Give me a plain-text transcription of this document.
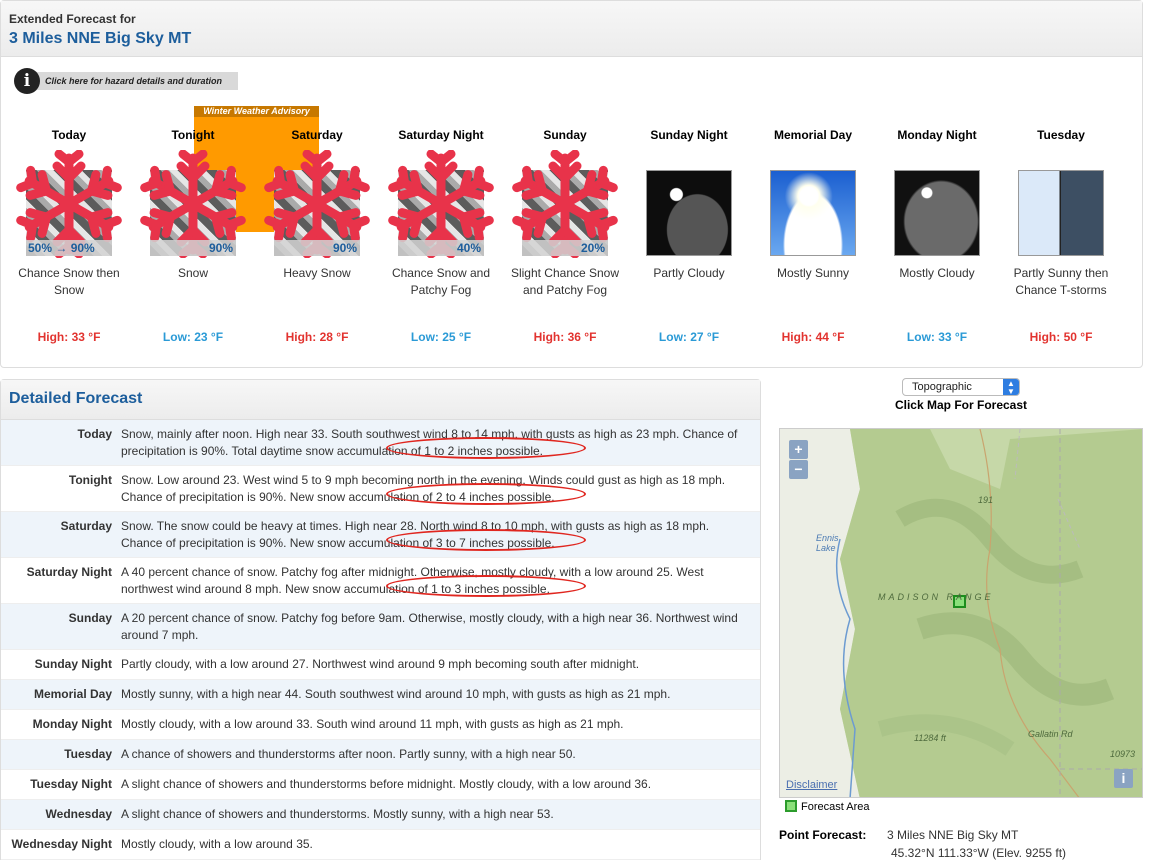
Extended Forecast for
3 Miles NNE Big Sky MT
Click here for hazard details and duration
i
Winter Weather Advisory
Today
50% → 90%
Chance Snow then Snow
High: 33 °F
Tonight
90%
Snow
Low: 23 °F
Saturday
90%
Heavy Snow
High: 28 °F
Saturday Night
40%
Chance Snow and Patchy Fog
Low: 25 °F
Sunday
20%
Slight Chance Snow and Patchy Fog
High: 36 °F
Sunday Night
Partly Cloudy
Low: 27 °F
Memorial Day
Mostly Sunny
High: 44 °F
Monday Night
Mostly Cloudy
Low: 33 °F
Tuesday
Partly Sunny then Chance T-storms
High: 50 °F
Detailed Forecast
Today Snow, mainly after noon. High near 33. South southwest wind 8 to 14 mph, with gusts as high as 23 mph. Chance of precipitation is 90%. Total daytime snow accumulation of 1 to 2 inches possible.
Tonight Snow. Low around 23. West wind 5 to 9 mph becoming north in the evening. Winds could gust as high as 18 mph. Chance of precipitation is 90%. New snow accumulation of 2 to 4 inches possible.
Saturday Snow. The snow could be heavy at times. High near 28. North wind 8 to 10 mph, with gusts as high as 18 mph. Chance of precipitation is 90%. New snow accumulation of 3 to 7 inches possible.
Saturday Night A 40 percent chance of snow. Patchy fog after midnight. Otherwise, mostly cloudy, with a low around 25. West northwest wind around 8 mph. New snow accumulation of 1 to 3 inches possible.
Sunday A 20 percent chance of snow. Patchy fog before 9am. Otherwise, mostly cloudy, with a high near 36. Northwest wind around 7 mph.
Sunday Night Partly cloudy, with a low around 27. Northwest wind around 9 mph becoming south after midnight.
Memorial Day Mostly sunny, with a high near 44. South southwest wind around 10 mph, with gusts as high as 21 mph.
Monday Night Mostly cloudy, with a low around 33. South wind around 11 mph, with gusts as high as 21 mph.
Tuesday A chance of showers and thunderstorms after noon. Partly sunny, with a high near 50.
Tuesday Night A slight chance of showers and thunderstorms before midnight. Mostly cloudy, with a low around 36.
Wednesday A slight chance of showers and thunderstorms. Mostly sunny, with a high near 53.
Wednesday Night Mostly cloudy, with a low around 35.
Topographic	▲
▼
Click Map For Forecast
+
−
Ennis Lake
MADISON RANGE
191
11284 ft	Gallatin Rd
10973
Disclaimer	i
Forecast Area
Point Forecast: 3 Miles NNE Big Sky MT
45.32°N 111.33°W (Elev. 9255 ft)
